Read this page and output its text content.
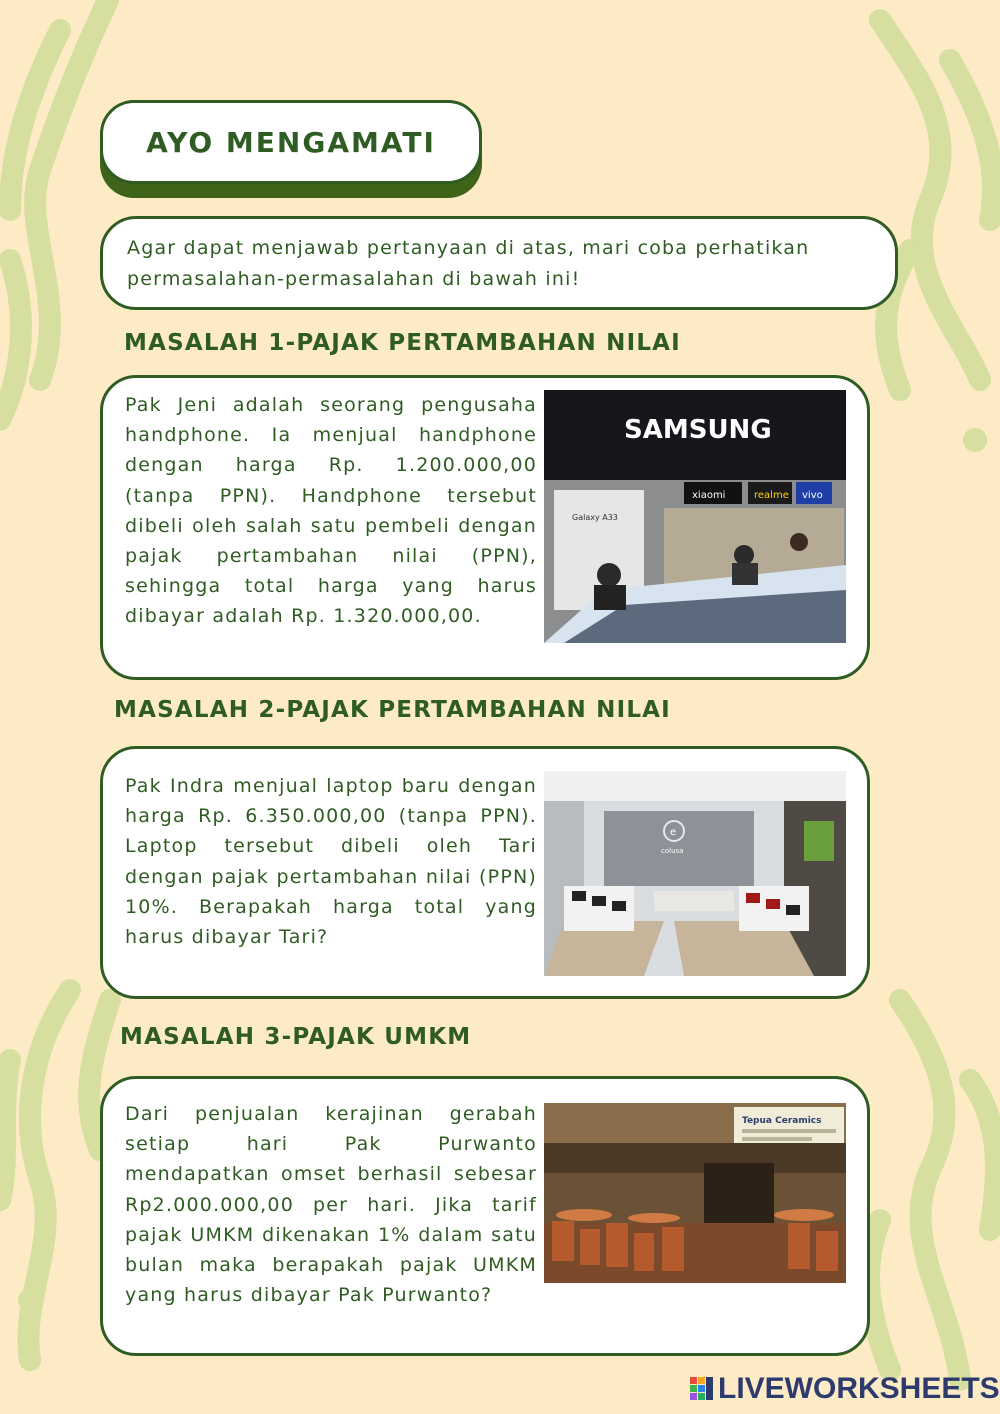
AYO MENGAMATI

Agar dapat menjawab pertanyaan di atas, mari coba perhatikan permasalahan-permasalahan di bawah ini!

MASALAH 1-PAJAK PERTAMBAHAN NILAI

Pak Jeni adalah seorang pengusaha handphone. Ia menjual handphone dengan harga Rp. 1.200.000,00 (tanpa PPN). Handphone tersebut dibeli oleh salah satu pembeli dengan pajak pertambahan nilai (PPN), sehingga total harga yang harus dibayar adalah Rp. 1.320.000,00.

SAMSUNG
Galaxy A33
xiaomi	realme vivo
MASALAH 2-PAJAK PERTAMBAHAN NILAI

Pak Indra menjual laptop baru dengan harga Rp. 6.350.000,00 (tanpa PPN). Laptop tersebut dibeli oleh Tari dengan pajak pertambahan nilai (PPN) 10%. Berapakah harga total yang harus dibayar Tari?

e
colusa
MASALAH 3-PAJAK UMKM

Dari penjualan kerajinan gerabah setiap hari Pak Purwanto mendapatkan omset berhasil sebesar Rp2.000.000,00 per hari. Jika tarif pajak UMKM dikenakan 1% dalam satu bulan maka berapakah pajak UMKM yang harus dibayar Pak Purwanto?

Tepua Ceramics
LIVEWORKSHEETS
